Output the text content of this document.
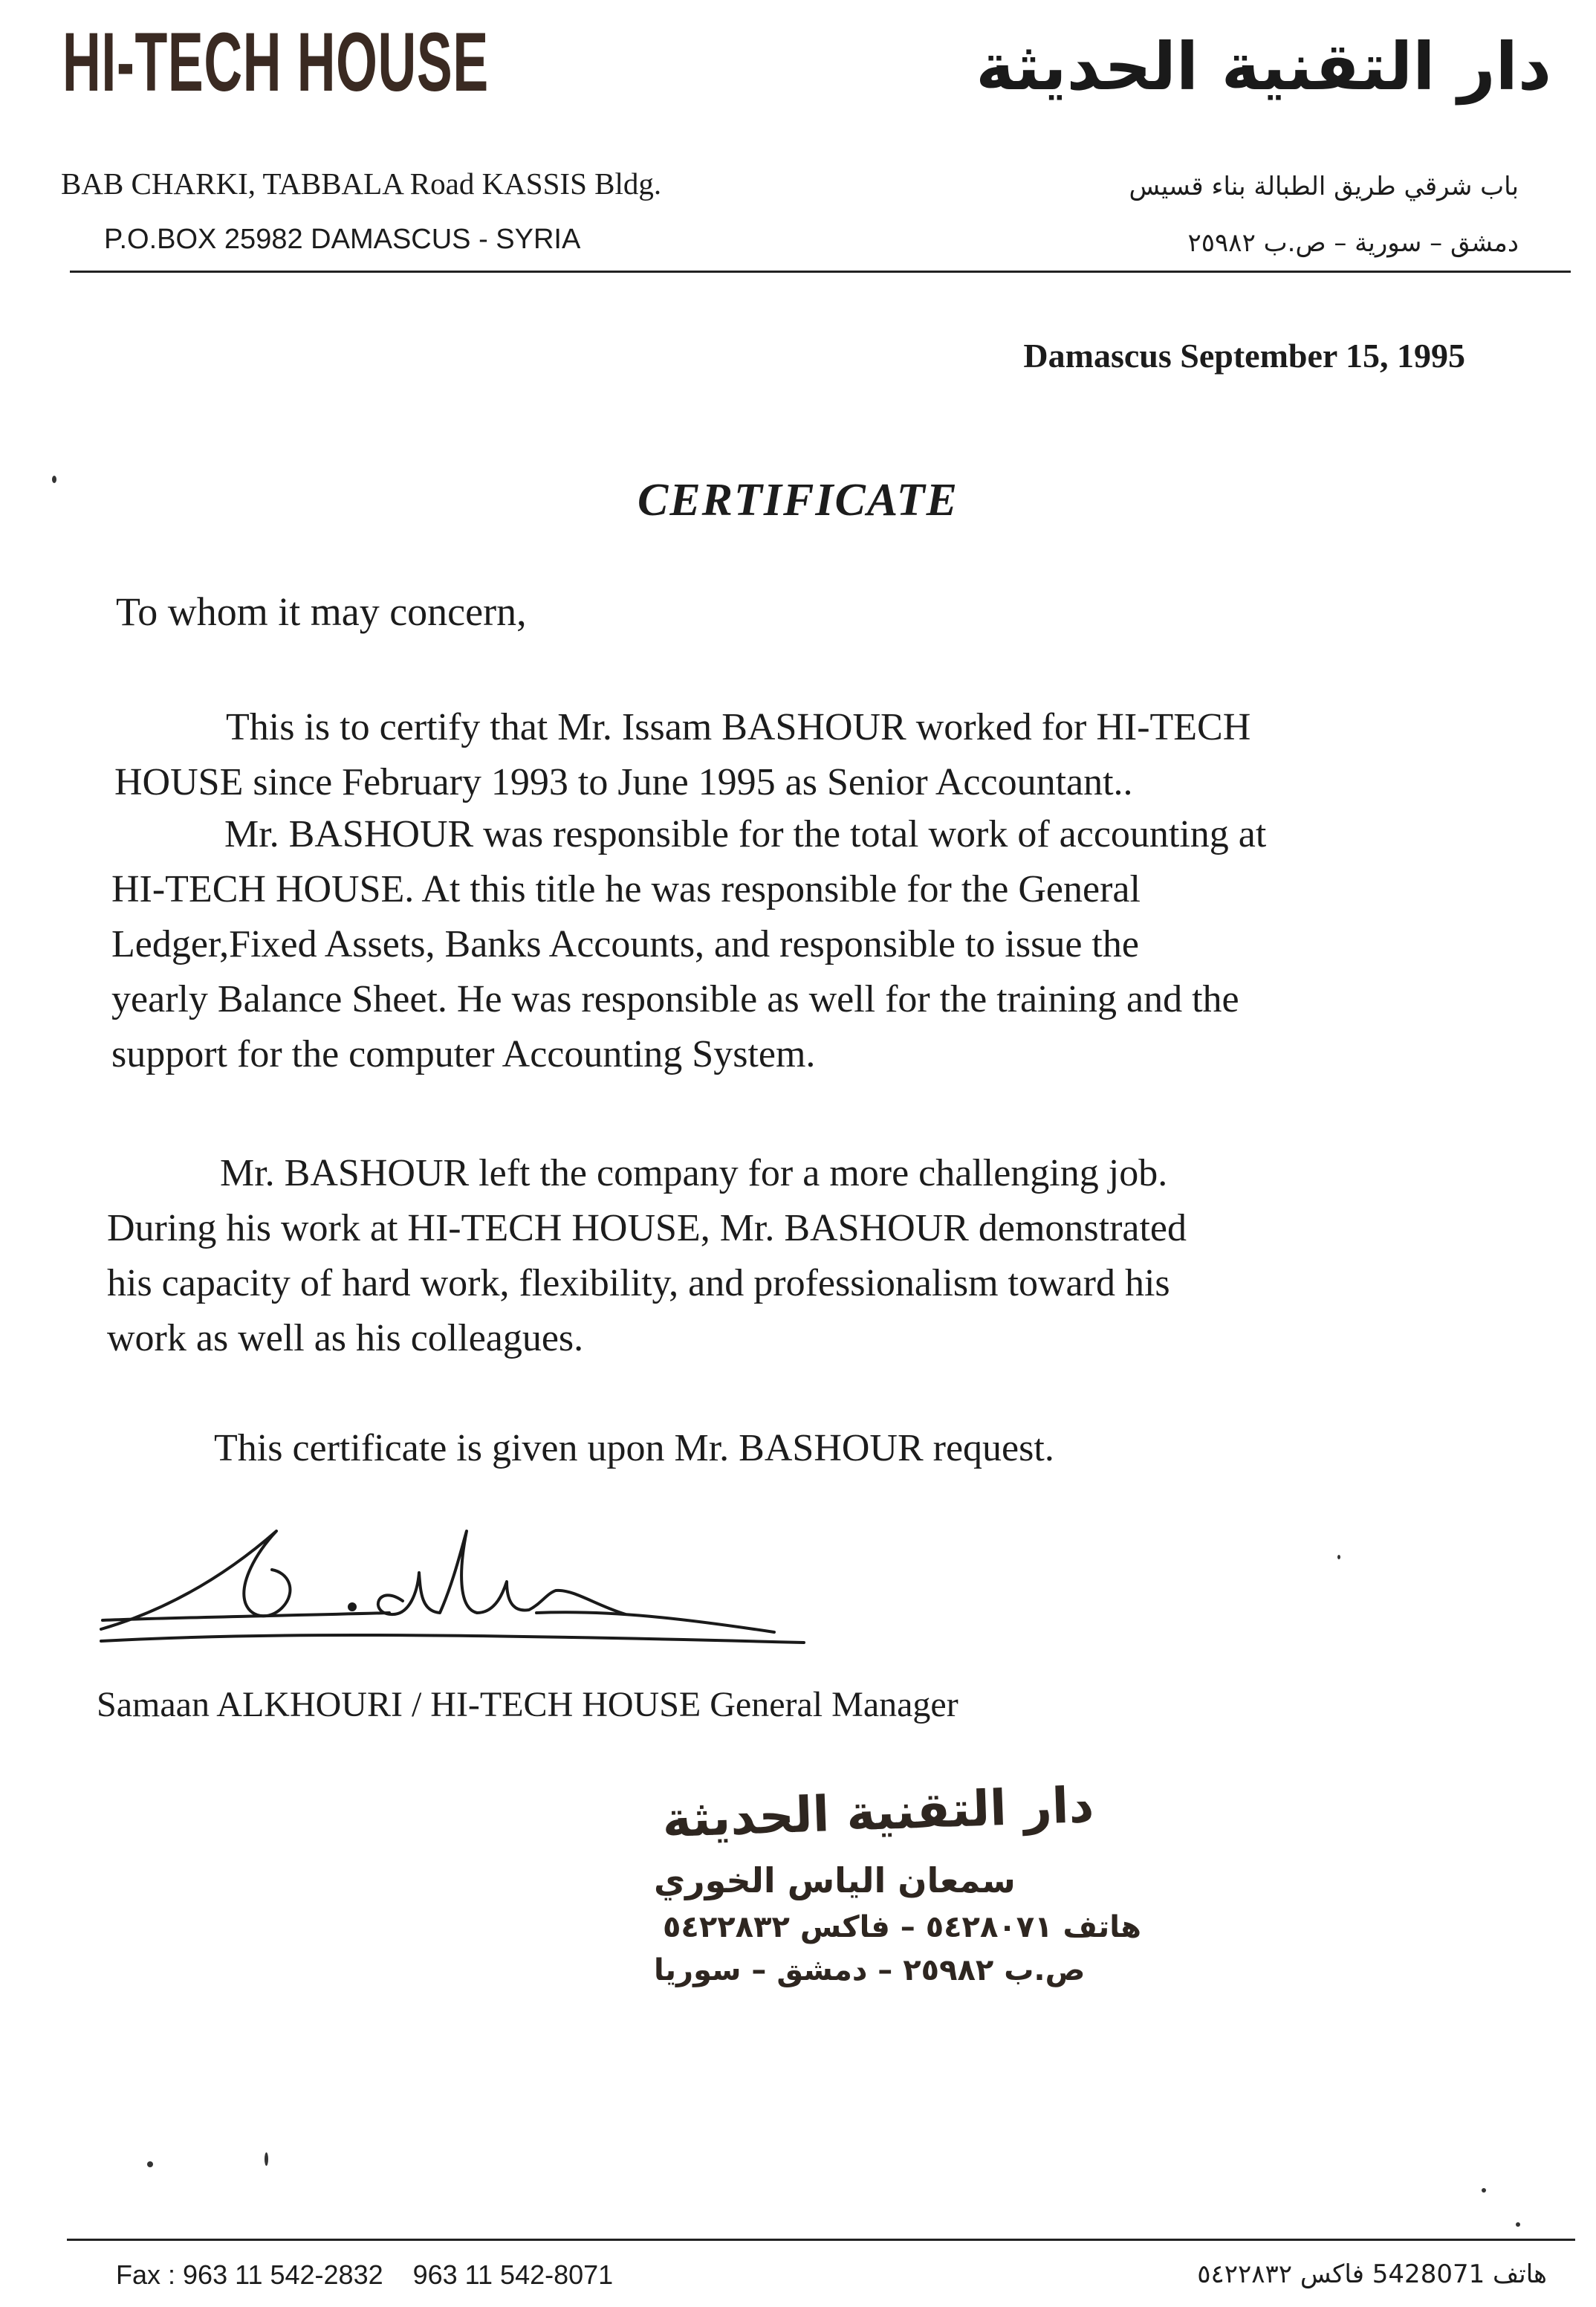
HI-TECH HOUSE	دار التقنية الحديثة
BAB CHARKI, TABBALA Road KASSIS Bldg.
P.O.BOX 25982 DAMASCUS - SYRIA
باب شرقي طريق الطبالة بناء قسيس
دمشق – سورية – ص.ب ٢٥٩٨٢
Damascus September 15, 1995
CERTIFICATE
To whom it may concern,
This is to certify that Mr. Issam BASHOUR worked for HI-TECH
HOUSE since February 1993 to June 1995 as Senior Accountant..
Mr. BASHOUR was responsible for the total work of accounting at
HI-TECH HOUSE. At this title he was responsible for the General
Ledger,Fixed Assets, Banks Accounts, and responsible to issue the
yearly Balance Sheet. He was responsible as well for the training and the
support for the computer Accounting System.
Mr. BASHOUR left the company for a more challenging job.
During his work at HI-TECH HOUSE, Mr. BASHOUR demonstrated
his capacity of hard work, flexibility, and professionalism toward his
work as well as his colleagues.
This certificate is given upon Mr. BASHOUR request.
Samaan ALKHOURI / HI-TECH HOUSE General Manager
دار التقنية الحديثة
سمعان الياس الخوري
هاتف ٥٤٢٨٠٧١ – فاكس ٥٤٢٢٨٣٢
ص.ب ٢٥٩٨٢ – دمشق – سوريا
Fax : 963 11 542-2832 963 11 542-8071	هاتف 5428071 فاكس ٥٤٢٢٨٣٢
